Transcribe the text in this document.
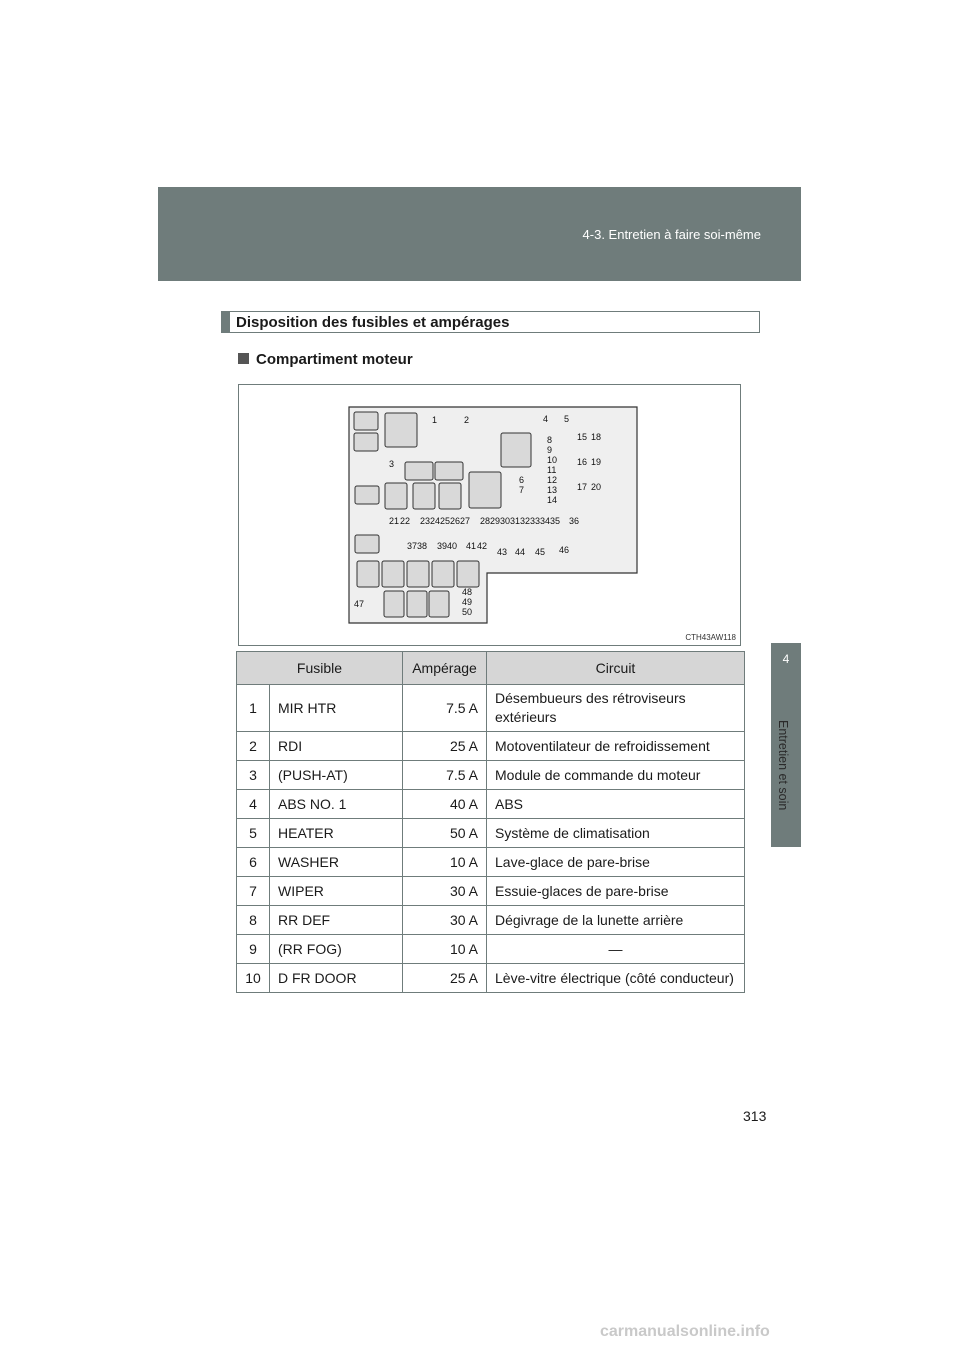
4-3. Entretien à faire soi-même
4
Entretien et soin
Disposition des fusibles et ampérages
Compartiment moteur
1	2
3
4 5
6
7
8
9
10
11
12
13
14
15
16
17
18
19
20
21 22 23 24 25 26 27 28 29 30 31 32 33 34 35 36
37 38 39 40 41 42
43 44 45 46
47
48
49
50
CTH43AW118
Fusible		Ampérage	Circuit
1	MIR HTR	7.5 A	Désembueurs des rétroviseurs extérieurs
2	RDI	25 A	Motoventilateur de refroidissement
3	(PUSH-AT)	7.5 A	Module de commande du moteur
4	ABS NO. 1	40 A	ABS
5	HEATER	50 A	Système de climatisation
6	WASHER	10 A	Lave-glace de pare-brise
7	WIPER	30 A	Essuie-glaces de pare-brise
8	RR DEF	30 A	Dégivrage de la lunette arrière
9	(RR FOG)	10 A	—
10	D FR DOOR	25 A	Lève-vitre électrique (côté conducteur)
313
carmanualsonline.info
